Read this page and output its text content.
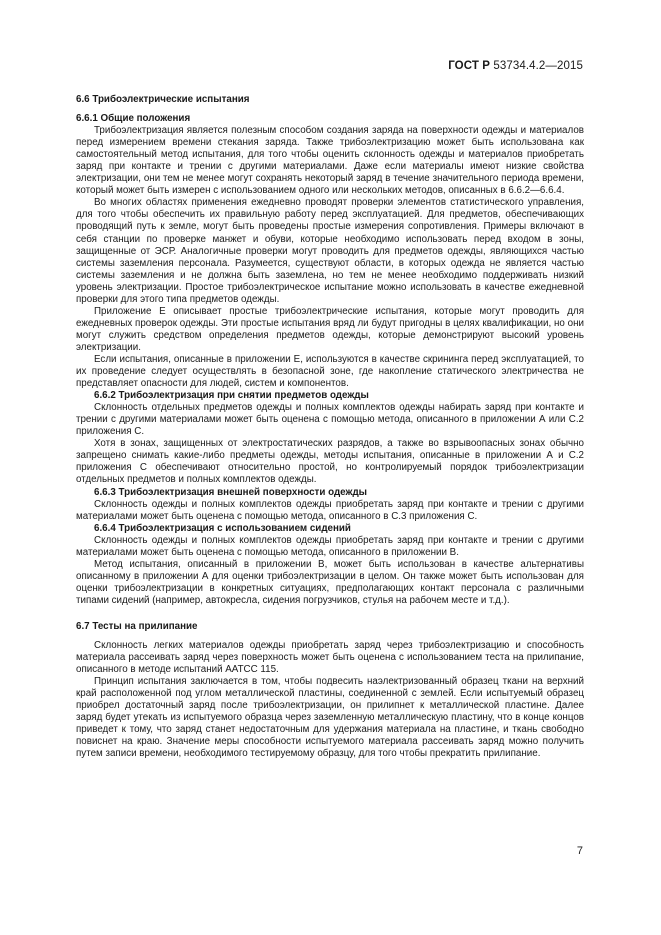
ГОСТ Р 53734.4.2—2015
6.6 Трибоэлектрические испытания
6.6.1 Общие положения

Трибоэлектризация является полезным способом создания заряда на поверхности одежды и материалов перед измерением времени стекания заряда. Также трибоэлектризацию может быть использована как самостоятельный метод испытания, для того чтобы оценить склонность одежды и материалов приобретать заряд при контакте и трении с другими материалами. Даже если материалы имеют низкие свойства электризации, они тем не менее могут сохранять некоторый заряд в течение значительного периода времени, который может быть измерен с использованием одного или нескольких методов, описанных в 6.6.2—6.6.4.

Во многих областях применения ежедневно проводят проверки элементов статистического управления, для того чтобы обеспечить их правильную работу перед эксплуатацией. Для предметов, обеспечивающих проводящий путь к земле, могут быть проведены простые измерения сопротивления. Примеры включают в себя станции по проверке манжет и обуви, которые необходимо использовать перед входом в зоны, защищенные от ЭСР. Аналогичные проверки могут проводить для предметов одежды, являющихся частью системы заземления персонала. Разумеется, существуют области, в которых одежда не является частью системы заземления и не должна быть заземлена, но тем не менее необходимо поддерживать низкий уровень электризации. Простое трибоэлектрическое испытание можно использовать в качестве ежедневной проверки для этого типа предметов одежды.

Приложение Е описывает простые трибоэлектрические испытания, которые могут проводить для ежедневных проверок одежды. Эти простые испытания вряд ли будут пригодны в целях квалификации, но они могут служить средством определения предметов одежды, которые демонстрируют высокий уровень электризации.

Если испытания, описанные в приложении Е, используются в качестве скрининга перед эксплуатацией, то их проведение следует осуществлять в безопасной зоне, где накопление статического электричества не представляет опасности для людей, систем и компонентов.

6.6.2 Трибоэлектризация при снятии предметов одежды

Склонность отдельных предметов одежды и полных комплектов одежды набирать заряд при контакте и трении с другими материалами может быть оценена с помощью метода, описанного в приложении А или С.2 приложения С.

Хотя в зонах, защищенных от электростатических разрядов, а также во взрывоопасных зонах обычно запрещено снимать какие-либо предметы одежды, методы испытания, описанные в приложении А и С.2 приложения С обеспечивают относительно простой, но контролируемый порядок трибоэлектризации отдельных предметов и полных комплектов одежды.

6.6.3 Трибоэлектризация внешней поверхности одежды

Склонность одежды и полных комплектов одежды приобретать заряд при контакте и трении с другими материалами может быть оценена с помощью метода, описанного в С.3 приложения С.

6.6.4 Трибоэлектризация с использованием сидений

Склонность одежды и полных комплектов одежды приобретать заряд при контакте и трении с другими материалами может быть оценена с помощью метода, описанного в приложении В.

Метод испытания, описанный в приложении В, может быть использован в качестве альтернативы описанному в приложении А для оценки трибоэлектризации в целом. Он также может быть использован для оценки трибоэлектризации в конкретных ситуациях, предполагающих контакт персонала с различными типами сидений (например, автокресла, сидения погрузчиков, стулья на рабочем месте и т.д.).

6.7 Тесты на прилипание

Склонность легких материалов одежды приобретать заряд через трибоэлектризацию и способность материала рассеивать заряд через поверхность может быть оценена с использованием теста на прилипание, описанного в методе испытаний ААТСС 115.

Принцип испытания заключается в том, чтобы подвесить наэлектризованный образец ткани на верхний край расположенной под углом металлической пластины, соединенной с землей. Если испытуемый образец приобрел достаточный заряд после трибоэлектризации, он прилипнет к металлической пластине. Далее заряд будет утекать из испытуемого образца через заземленную металлическую пластину, что в конце концов приведет к тому, что заряд станет недостаточным для удержания материала на пластине, и ткань свободно повиснет на краю. Значение меры способности испытуемого материала рассеивать заряд можно получить путем записи времени, необходимого тестируемому образцу, для того чтобы прекратить прилипание.

7
